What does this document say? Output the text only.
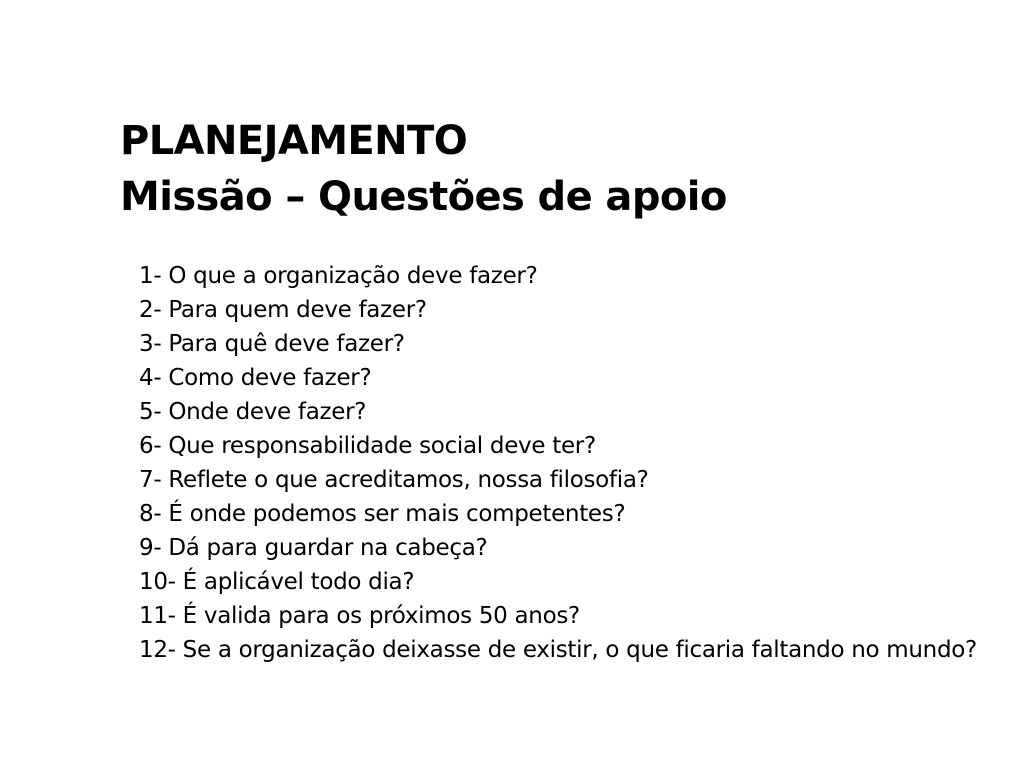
PLANEJAMENTO
Missão – Questões de apoio
1- O que a organização deve fazer?
2- Para quem deve fazer?
3- Para quê deve fazer?
4- Como deve fazer?
5- Onde deve fazer?
6- Que responsabilidade social deve ter?
7- Reflete o que acreditamos, nossa filosofia?
8- É onde podemos ser mais competentes?
9- Dá para guardar na cabeça?
10- É aplicável todo dia?
11- É valida para os próximos 50 anos?
12- Se a organização deixasse de existir, o que ficaria faltando no mundo?
